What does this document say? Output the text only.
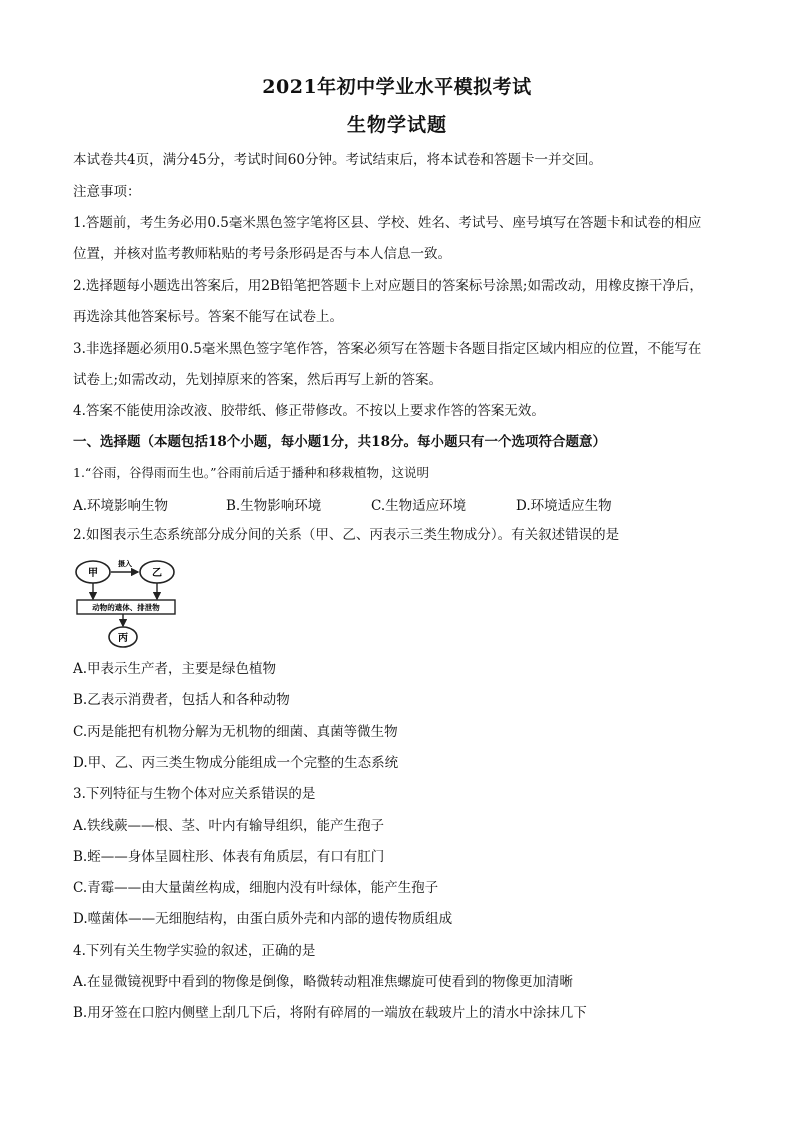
2021年初中学业水平模拟考试
生物学试题
本试卷共4页，满分45分，考试时间60分钟。考试结束后，将本试卷和答题卡一并交回。
注意事项：
1.答题前，考生务必用0.5毫米黑色签字笔将区县、学校、姓名、考试号、座号填写在答题卡和试卷的相应
位置，并核对监考教师粘贴的考号条形码是否与本人信息一致。
2.选择题每小题选出答案后，用2B铅笔把答题卡上对应题目的答案标号涂黑;如需改动，用橡皮擦干净后，
再选涂其他答案标号。答案不能写在试卷上。
3.非选择题必须用0.5毫米黑色签字笔作答，答案必须写在答题卡各题目指定区域内相应的位置，不能写在
试卷上;如需改动，先划掉原来的答案，然后再写上新的答案。
4.答案不能使用涂改液、胶带纸、修正带修改。不按以上要求作答的答案无效。
一、选择题（本题包括18个小题，每小题1分，共18分。每小题只有一个选项符合题意）
1.“谷雨，谷得雨而生也。”谷雨前后适于播种和移栽植物，这说明
A.环境影响生物	B.生物影响环境	C.生物适应环境	D.环境适应生物
2.如图表示生态系统部分成分间的关系（甲、乙、丙表示三类生物成分）。有关叙述错误的是
甲	乙
摄入
动物的遗体、排泄物
丙
A.甲表示生产者，主要是绿色植物
B.乙表示消费者，包括人和各种动物
C.丙是能把有机物分解为无机物的细菌、真菌等微生物
D.甲、乙、丙三类生物成分能组成一个完整的生态系统
3.下列特征与生物个体对应关系错误的是
A.铁线蕨——根、茎、叶内有输导组织，能产生孢子
B.蛭——身体呈圆柱形、体表有角质层，有口有肛门
C.青霉——由大量菌丝构成，细胞内没有叶绿体，能产生孢子
D.噬菌体——无细胞结构，由蛋白质外壳和内部的遗传物质组成
4.下列有关生物学实验的叙述，正确的是
A.在显微镜视野中看到的物像是倒像，略微转动粗准焦螺旋可使看到的物像更加清晰
B.用牙签在口腔内侧壁上刮几下后，将附有碎屑的一端放在载玻片上的清水中涂抹几下
